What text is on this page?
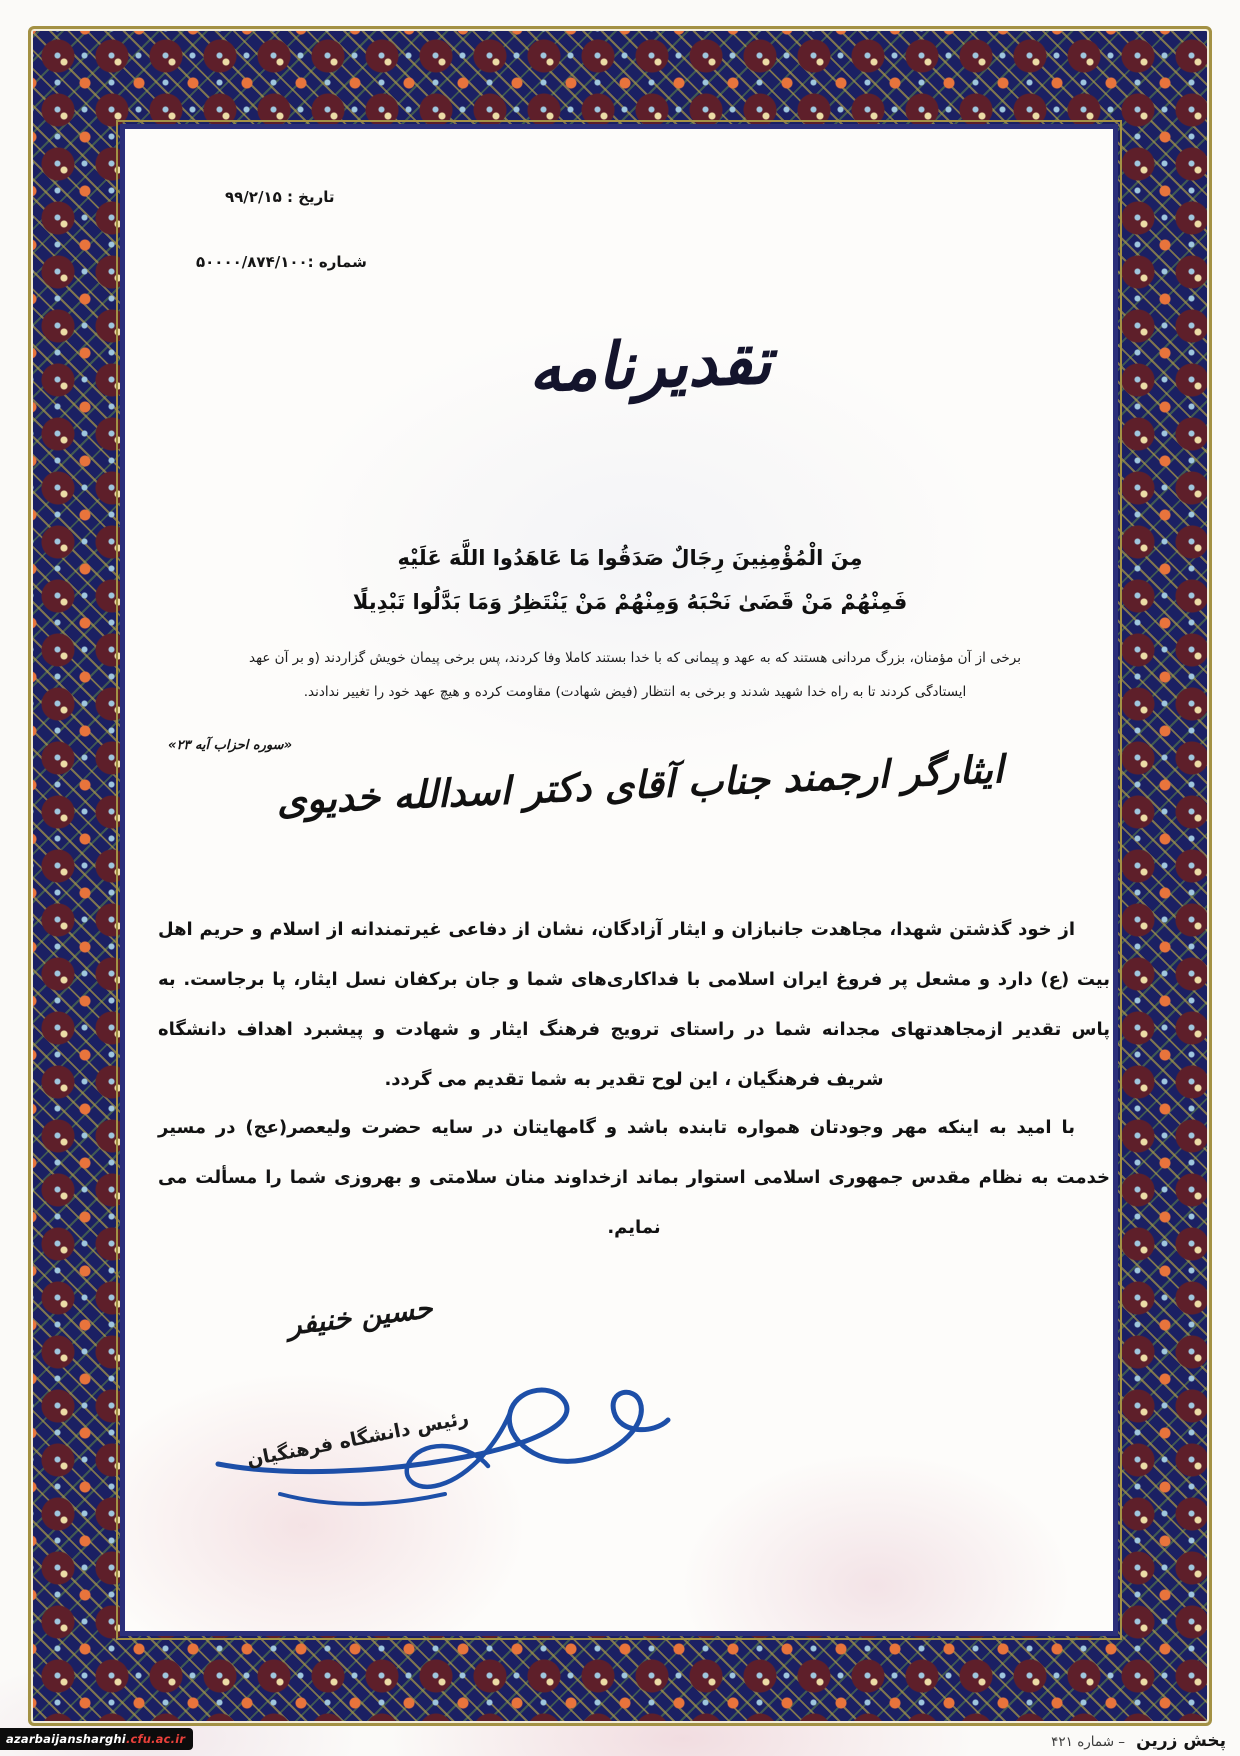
تاریخ : ۹۹/۲/۱۵
شماره :۵۰۰۰۰/۸۷۴/۱۰۰
تقدیرنامه
مِنَ الْمُؤْمِنِينَ رِجَالٌ صَدَقُوا مَا عَاهَدُوا اللَّهَ عَلَيْهِ
فَمِنْهُمْ مَنْ قَضَىٰ نَحْبَهُ وَمِنْهُمْ مَنْ يَنْتَظِرُ وَمَا بَدَّلُوا تَبْدِيلًا
برخی از آن مؤمنان، بزرگ مردانی هستند که به عهد و پیمانی که با خدا بستند کاملا وفا کردند، پس برخی پیمان خویش گزاردند (و بر آن عهد
ایستادگی کردند تا به راه خدا شهید شدند و برخی به انتظار (فیض شهادت) مقاومت کرده و هیچ عهد خود را تغییر ندادند.
«سوره احزاب آیه ۲۳»
ایثارگر ارجمند جناب آقای دکتر اسدالله خدیوی
از خود گذشتن شهدا، مجاهدت جانبازان و ایثار آزادگان، نشان از دفاعی غیرتمندانه از اسلام و حریم اهل بیت (ع) دارد و مشعل پر فروغ ایران اسلامی با فداکاری‌های شما و جان برکفان نسل ایثار، پا برجاست. به پاس تقدیر ازمجاهدتهای مجدانه شما در راستای ترویج فرهنگ ایثار و شهادت و پیشبرد اهداف دانشگاه شریف فرهنگیان ، این لوح تقدیر به شما تقدیم می گردد.
با امید به اینکه مهر وجودتان همواره تابنده باشد و گامهایتان در سایه حضرت ولیعصر(عج) در مسیر خدمت به نظام مقدس جمهوری اسلامی استوار بماند ازخداوند منان سلامتی و بهروزی شما را مسألت می نمایم.
حسین خنیفر
رئیس دانشگاه فرهنگیان
azarbaijansharghi .cfu.ac.ir	پخش زرین – شماره ۴۲۱
